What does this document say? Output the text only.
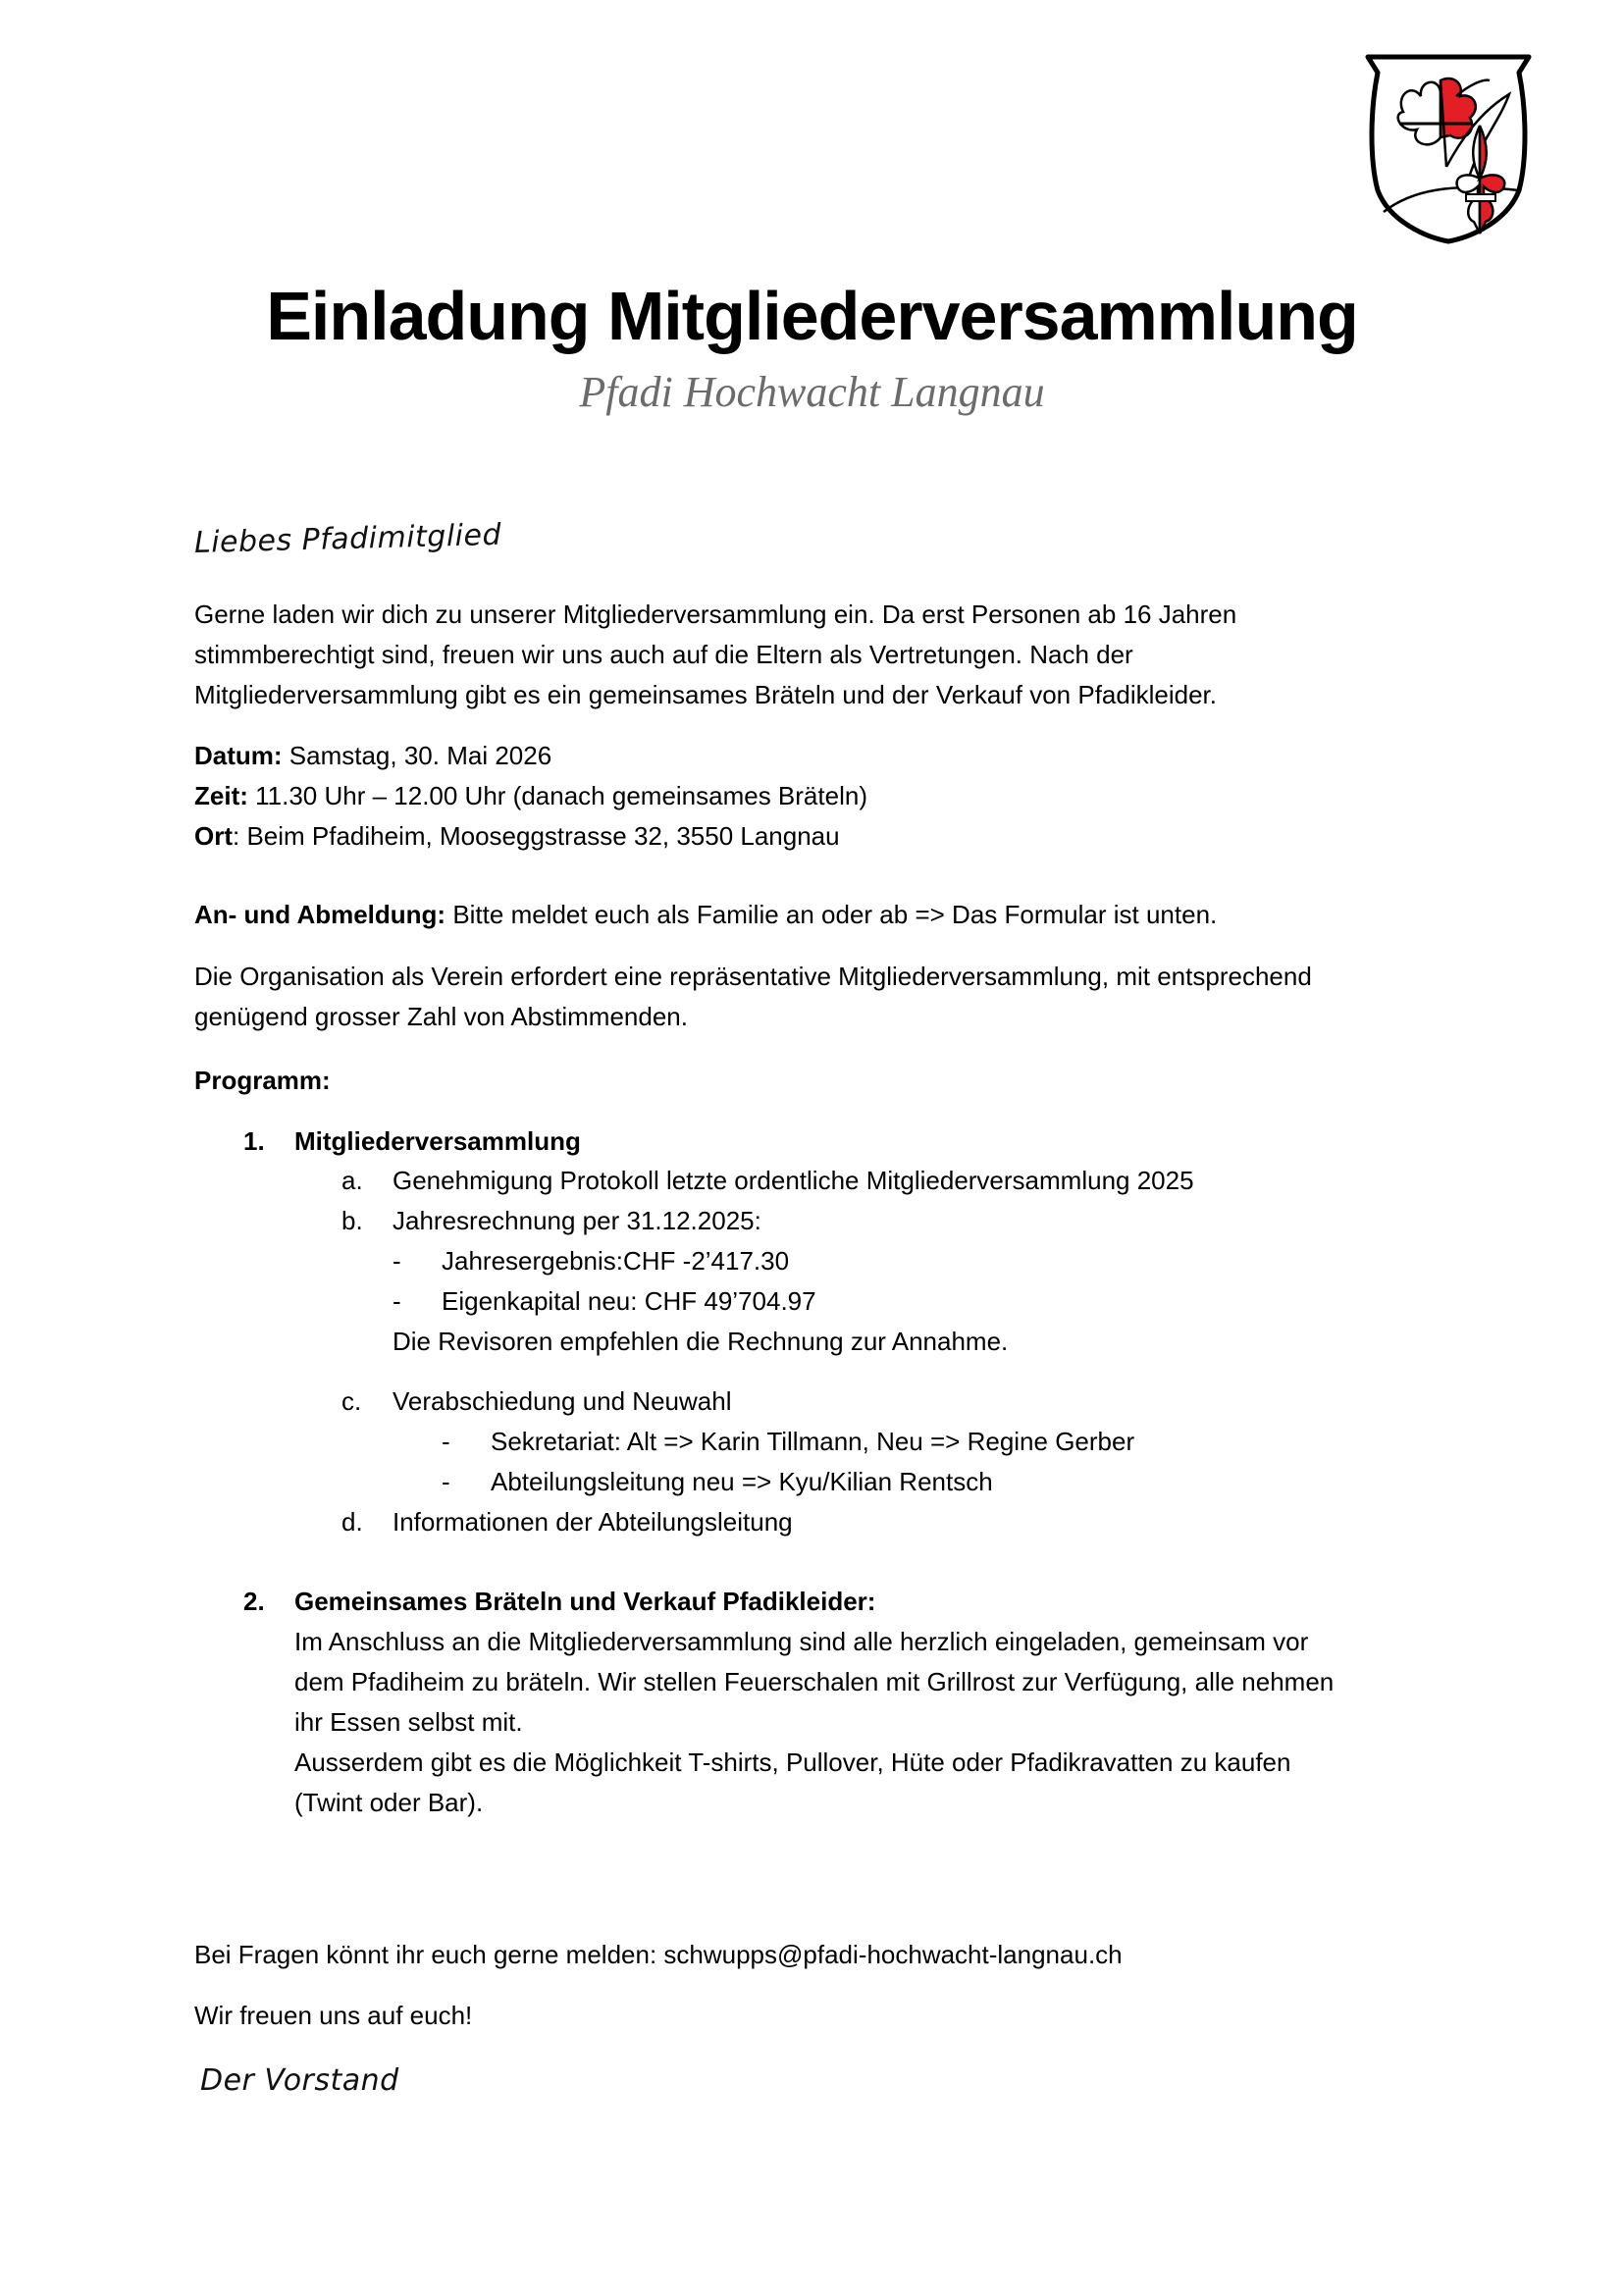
Einladung Mitgliederversammlung
Pfadi Hochwacht Langnau
Liebes Pfadimitglied
Gerne laden wir dich zu unserer Mitgliederversammlung ein. Da erst Personen ab 16 Jahren
stimmberechtigt sind, freuen wir uns auch auf die Eltern als Vertretungen. Nach der
Mitgliederversammlung gibt es ein gemeinsames Bräteln und der Verkauf von Pfadikleider.
Datum: Samstag, 30. Mai 2026
Zeit: 11.30 Uhr – 12.00 Uhr (danach gemeinsames Bräteln)
Ort: Beim Pfadiheim, Mooseggstrasse 32, 3550 Langnau
An- und Abmeldung: Bitte meldet euch als Familie an oder ab => Das Formular ist unten.
Die Organisation als Verein erfordert eine repräsentative Mitgliederversammlung, mit entsprechend
genügend grosser Zahl von Abstimmenden.
Programm:
1. Mitgliederversammlung
a. Genehmigung Protokoll letzte ordentliche Mitgliederversammlung 2025
b. Jahresrechnung per 31.12.2025:
- Jahresergebnis:CHF -2’417.30
- Eigenkapital neu: CHF 49’704.97
Die Revisoren empfehlen die Rechnung zur Annahme.
c. Verabschiedung und Neuwahl
- Sekretariat: Alt => Karin Tillmann, Neu => Regine Gerber
- Abteilungsleitung neu => Kyu/Kilian Rentsch
d. Informationen der Abteilungsleitung
2. Gemeinsames Bräteln und Verkauf Pfadikleider:
Im Anschluss an die Mitgliederversammlung sind alle herzlich eingeladen, gemeinsam vor
dem Pfadiheim zu bräteln. Wir stellen Feuerschalen mit Grillrost zur Verfügung, alle nehmen
ihr Essen selbst mit.
Ausserdem gibt es die Möglichkeit T-shirts, Pullover, Hüte oder Pfadikravatten zu kaufen
(Twint oder Bar).
Bei Fragen könnt ihr euch gerne melden: schwupps@pfadi-hochwacht-langnau.ch
Wir freuen uns auf euch!
Der Vorstand
